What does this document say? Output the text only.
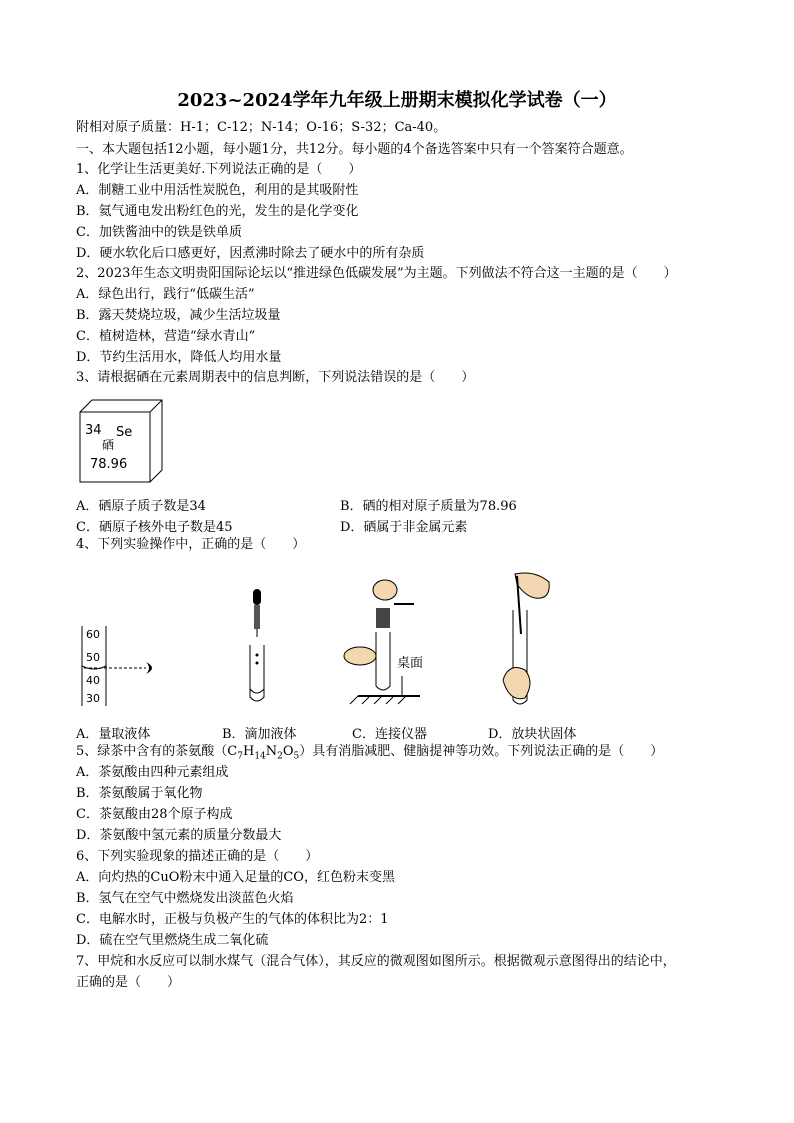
2023~2024学年九年级上册期末模拟化学试卷（一）
附相对原子质量：H-1；C-12；N-14；O-16；S-32；Ca-40。
一、本大题包括12小题，每小题1分，共12分。每小题的4个备选答案中只有一个答案符合题意。
1、化学让生活更美好.下列说法正确的是（　　）
A．制糖工业中用活性炭脱色，利用的是其吸附性
B．氦气通电发出粉红色的光，发生的是化学变化
C．加铁酱油中的铁是铁单质
D．硬水软化后口感更好，因煮沸时除去了硬水中的所有杂质
2、2023年生态文明贵阳国际论坛以“推进绿色低碳发展”为主题。下列做法不符合这一主题的是（　　）
A．绿色出行，践行“低碳生活”
B．露天焚烧垃圾，减少生活垃圾量
C．植树造林，营造“绿水青山”
D．节约生活用水，降低人均用水量
3、请根据硒在元素周期表中的信息判断，下列说法错误的是（　　）
34 Se
硒
78.96
A．硒原子质子数是34	B．硒的相对原子质量为78.96
C．硒原子核外电子数是45	D．硒属于非金属元素
4、下列实验操作中，正确的是（　　）
60
50
40
30
桌面
A．量取液体	B．滴加液体	C．连接仪器	D．放块状固体
5、绿茶中含有的茶氨酸$(C_7H_{14}N_2O_5)$具有消脂减肥、健脑提神等功效。下列说法正确的是（　　）
A．茶氨酸由四种元素组成
B．茶氨酸属于氧化物
C．茶氨酸由28个原子构成
D．茶氨酸中氢元素的质量分数最大
6、下列实验现象的描述正确的是（　　）
A．向灼热的CuO粉末中通入足量的CO，红色粉末变黑
B．氢气在空气中燃烧发出淡蓝色火焰
C．电解水时，正极与负极产生的气体的体积比为2：1
D．硫在空气里燃烧生成二氧化硫
7、甲烷和水反应可以制水煤气（混合气体），其反应的微观图如图所示。根据微观示意图得出的结论中，
正确的是（　　）
